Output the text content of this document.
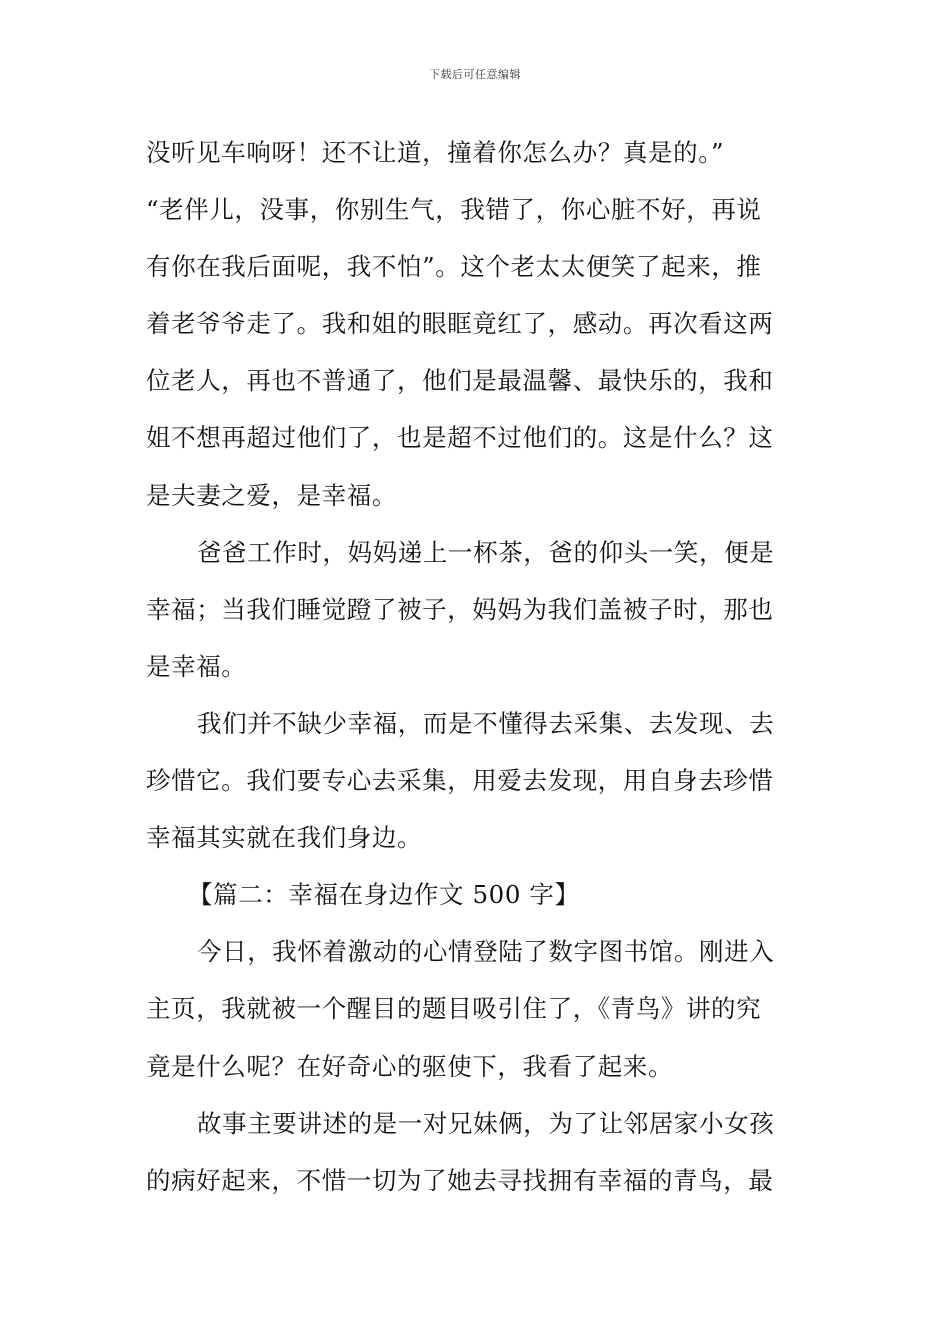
下载后可任意编辑
没听见车响呀！还不让道，撞着你怎么办？真是的。”
“老伴儿，没事，你别生气，我错了，你心脏不好，再说
有你在我后面呢，我不怕”。这个老太太便笑了起来，推
着老爷爷走了。我和姐的眼眶竟红了，感动。再次看这两
位老人，再也不普通了，他们是最温馨、最快乐的，我和
姐不想再超过他们了，也是超不过他们的。这是什么？这
是夫妻之爱，是幸福。
爸爸工作时，妈妈递上一杯茶，爸的仰头一笑，便是
幸福；当我们睡觉蹬了被子，妈妈为我们盖被子时，那也
是幸福。
我们并不缺少幸福，而是不懂得去采集、去发现、去
珍惜它。我们要专心去采集，用爱去发现，用自身去珍惜
幸福其实就在我们身边。
【篇二：幸福在身边作文 500 字】
今日，我怀着激动的心情登陆了数字图书馆。刚进入
主页，我就被一个醒目的题目吸引住了，《青鸟》讲的究
竟是什么呢？在好奇心的驱使下，我看了起来。
故事主要讲述的是一对兄妹俩，为了让邻居家小女孩
的病好起来，不惜一切为了她去寻找拥有幸福的青鸟，最
